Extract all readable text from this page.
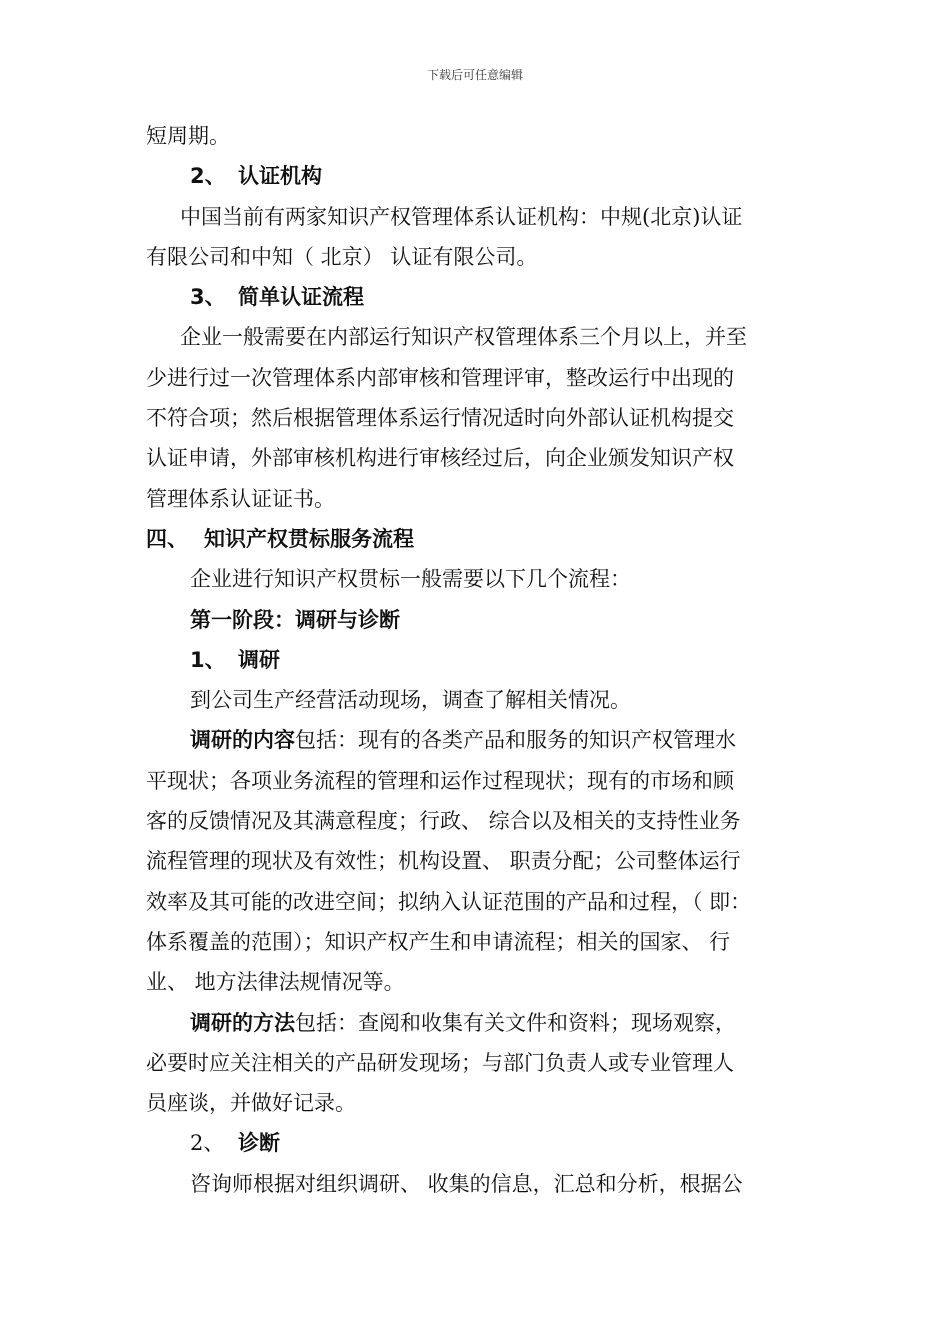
下载后可任意编辑

短周期。

2、 认证机构

中国当前有两家知识产权管理体系认证机构：中规(北京)认证
有限公司和中知（ 北京） 认证有限公司。

3、 简单认证流程

企业一般需要在内部运行知识产权管理体系三个月以上，并至
少进行过一次管理体系内部审核和管理评审，整改运行中出现的
不符合项；然后根据管理体系运行情况适时向外部认证机构提交
认证申请，外部审核机构进行审核经过后，向企业颁发知识产权
管理体系认证证书。

四、 知识产权贯标服务流程

企业进行知识产权贯标一般需要以下几个流程：

第一阶段：调研与诊断

1、 调研

到公司生产经营活动现场，调查了解相关情况。

调研的内容包括：现有的各类产品和服务的知识产权管理水
平现状；各项业务流程的管理和运作过程现状；现有的市场和顾
客的反馈情况及其满意程度；行政、 综合以及相关的支持性业务
流程管理的现状及有效性；机构设置、 职责分配；公司整体运行
效率及其可能的改进空间；拟纳入认证范围的产品和过程，（ 即：
体系覆盖的范围）；知识产权产生和申请流程；相关的国家、 行
业、 地方法律法规情况等。

调研的方法包括：查阅和收集有关文件和资料；现场观察，
必要时应关注相关的产品研发现场；与部门负责人或专业管理人
员座谈，并做好记录。

2、 诊断

咨询师根据对组织调研、 收集的信息，汇总和分析，根据公
